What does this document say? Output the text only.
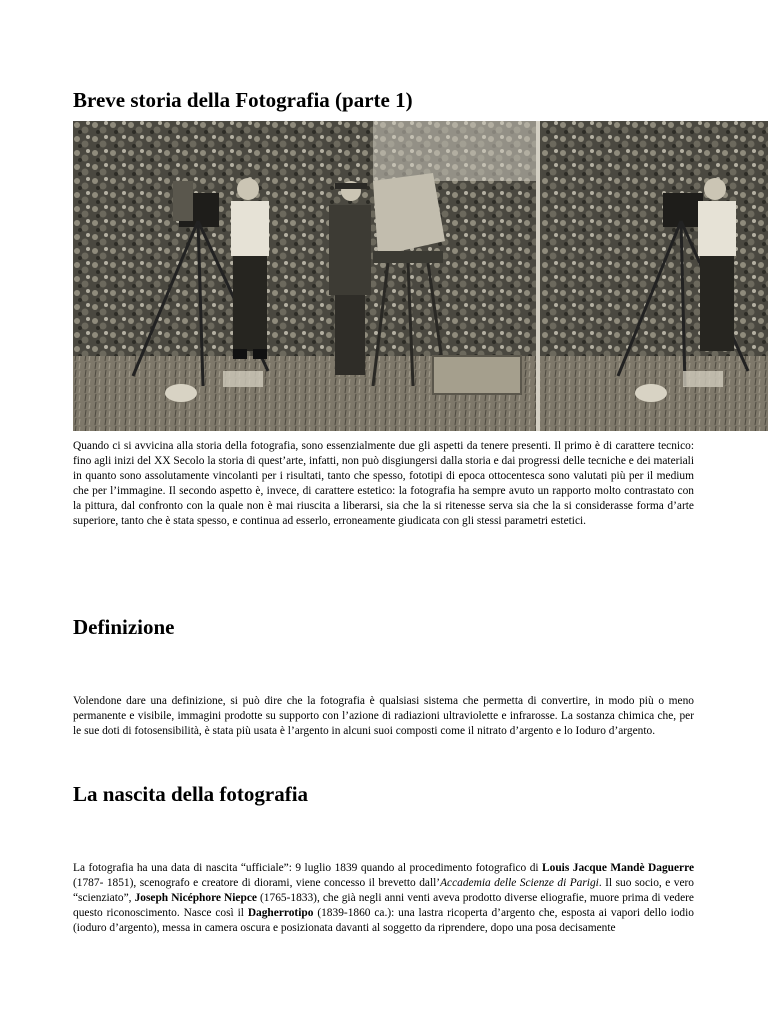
Breve storia della Fotografia (parte 1)

Quando ci si avvicina alla storia della fotografia, sono essenzialmente due gli aspetti da tenere presenti. Il primo è di carattere tecnico: fino agli inizi del XX Secolo la storia di quest’arte, infatti, non può disgiungersi dalla storia e dai progressi delle tecniche e dei materiali in quanto sono assolutamente vincolanti per i risultati, tanto che spesso, fototipi di epoca ottocentesca sono valutati più per il medium che per l’immagine. Il secondo aspetto è, invece, di carattere estetico: la fotografia ha sempre avuto un rapporto molto contrastato con la pittura, dal confronto con la quale non è mai riuscita a liberarsi, sia che la si ritenesse serva sia che la si considerasse forma d’arte superiore, tanto che è stata spesso, e continua ad esserlo, erroneamente giudicata con gli stessi parametri estetici.

Definizione

Volendone dare una definizione, si può dire che la fotografia è qualsiasi sistema che permetta di convertire, in modo più o meno permanente e visibile, immagini prodotte su supporto con l’azione di radiazioni ultraviolette e infrarosse. La sostanza chimica che, per le sue doti di fotosensibilità, è stata più usata è l’argento in alcuni suoi composti come il nitrato d’argento e lo Ioduro d’argento.

La nascita della fotografia

La fotografia ha una data di nascita “ufficiale”: 9 luglio 1839 quando al procedimento fotografico di Louis Jacque Mandè Daguerre (1787- 1851), scenografo e creatore di diorami, viene concesso il brevetto dall’Accademia delle Scienze di Parigi. Il suo socio, e vero “scienziato”, Joseph Nicéphore Niepce (1765-1833), che già negli anni venti aveva prodotto diverse eliografie, muore prima di vedere questo riconoscimento. Nasce così il Dagherrotipo (1839-1860 ca.): una lastra ricoperta d’argento che, esposta ai vapori dello iodio (ioduro d’argento), messa in camera oscura e posizionata davanti al soggetto da riprendere, dopo una posa decisamente
